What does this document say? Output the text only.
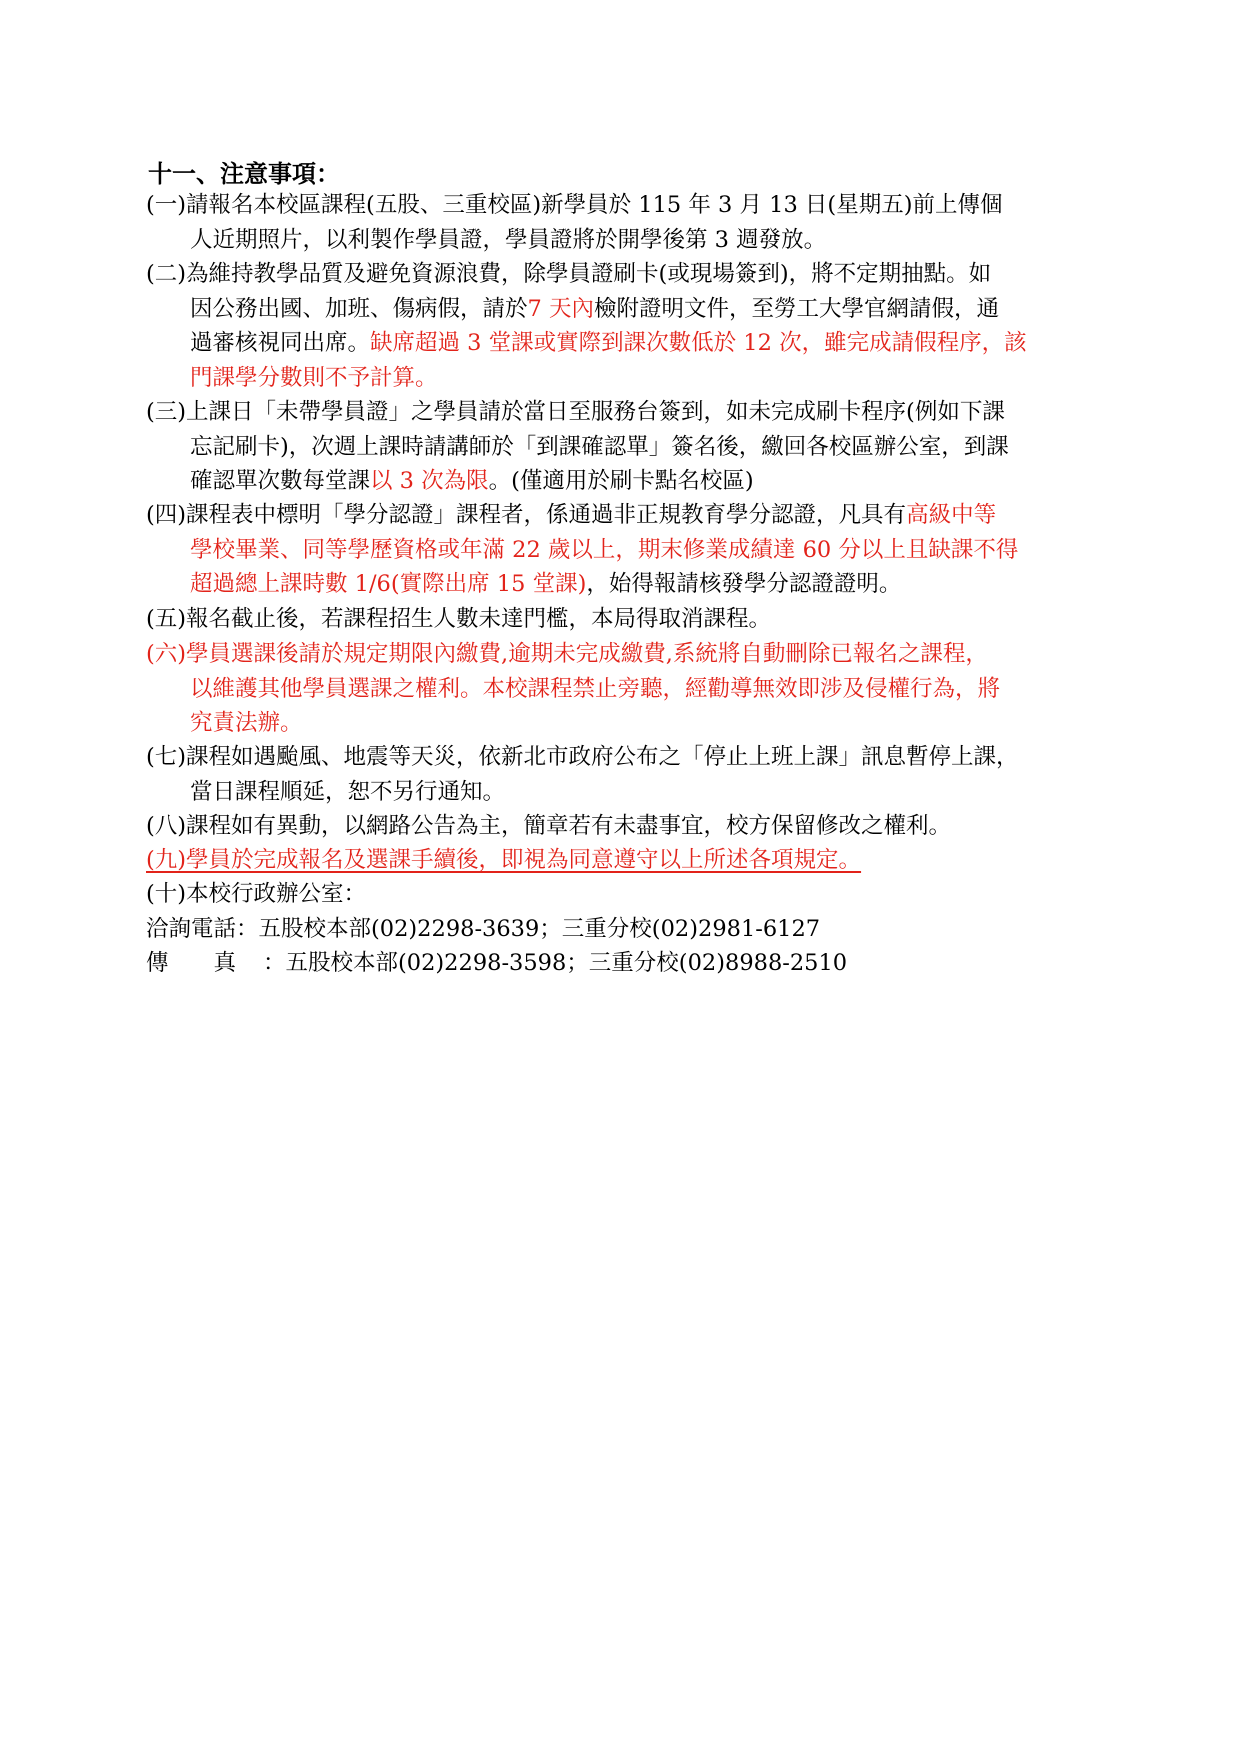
十一、注意事項：
(一)請報名本校區課程(五股、三重校區)新學員於 115 年 3 月 13 日(星期五)前上傳個
人近期照片，以利製作學員證，學員證將於開學後第 3 週發放。
(二)為維持教學品質及避免資源浪費，除學員證刷卡(或現場簽到)，將不定期抽點。如
因公務出國、加班、傷病假，請於7 天內檢附證明文件，至勞工大學官網請假，通
過審核視同出席。缺席超過 3 堂課或實際到課次數低於 12 次，雖完成請假程序，該
門課學分數則不予計算。
(三)上課日「未帶學員證」之學員請於當日至服務台簽到，如未完成刷卡程序(例如下課
忘記刷卡)，次週上課時請講師於「到課確認單」簽名後，繳回各校區辦公室，到課
確認單次數每堂課以 3 次為限。(僅適用於刷卡點名校區)
(四)課程表中標明「學分認證」課程者，係通過非正規教育學分認證，凡具有高級中等
學校畢業、同等學歷資格或年滿 22 歲以上，期末修業成績達 60 分以上且缺課不得
超過總上課時數 1/6(實際出席 15 堂課)，始得報請核發學分認證證明。
(五)報名截止後，若課程招生人數未達門檻，本局得取消課程。
(六)學員選課後請於規定期限內繳費,逾期未完成繳費,系統將自動刪除已報名之課程，
以維護其他學員選課之權利。本校課程禁止旁聽，經勸導無效即涉及侵權行為，將
究責法辦。
(七)課程如遇颱風、地震等天災，依新北市政府公布之「停止上班上課」訊息暫停上課，
當日課程順延，恕不另行通知。
(八)課程如有異動，以網路公告為主，簡章若有未盡事宜，校方保留修改之權利。
(九)學員於完成報名及選課手續後，即視為同意遵守以上所述各項規定。
(十)本校行政辦公室：
洽詢電話：五股校本部(02)2298-3639；三重分校(02)2981-6127
傳　　真 ：五股校本部(02)2298-3598；三重分校(02)8988-2510
